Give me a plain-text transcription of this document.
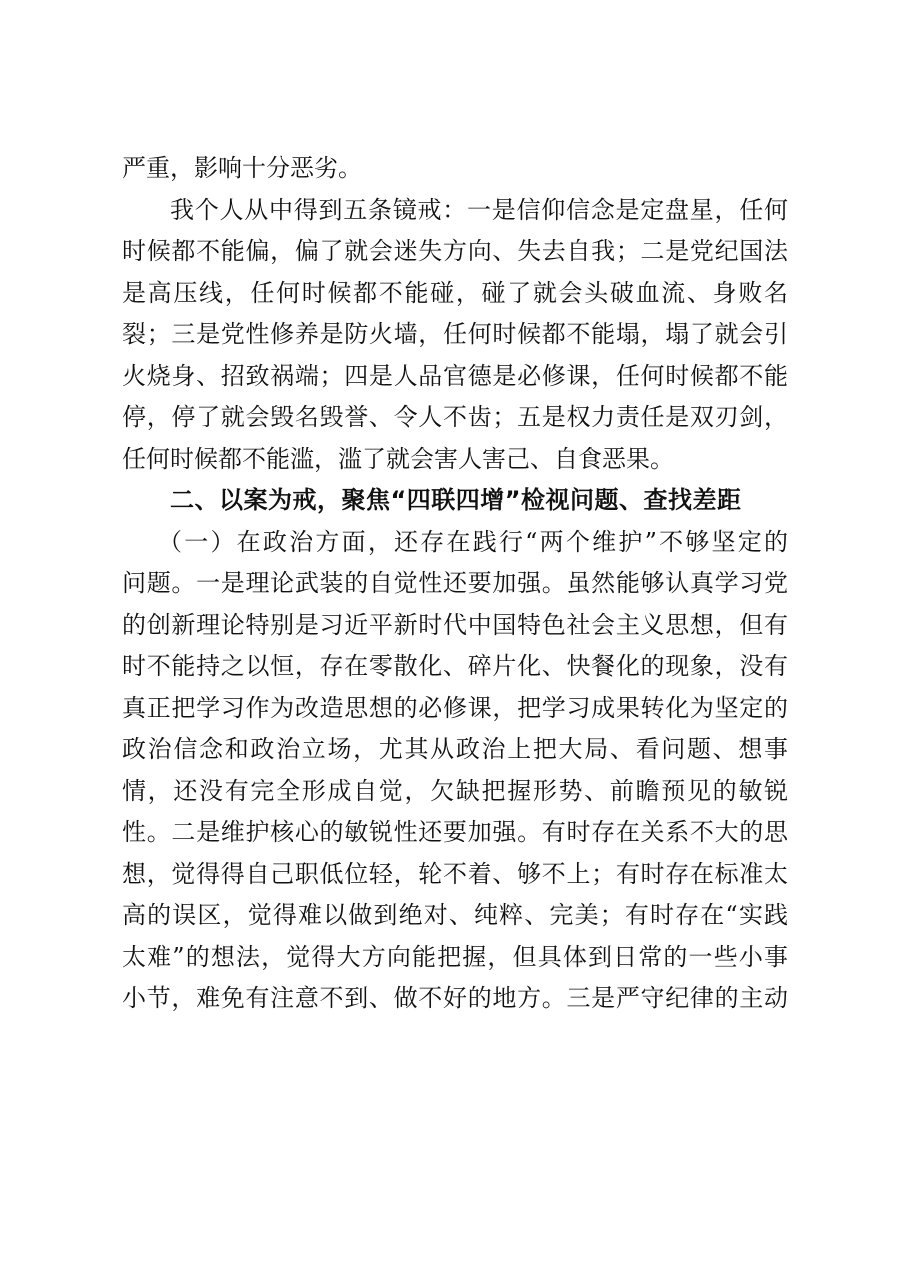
严重，影响十分恶劣。
我个人从中得到五条镜戒：一是信仰信念是定盘星，任何
时候都不能偏，偏了就会迷失方向、失去自我；二是党纪国法
是高压线，任何时候都不能碰，碰了就会头破血流、身败名
裂；三是党性修养是防火墙，任何时候都不能塌，塌了就会引
火烧身、招致祸端；四是人品官德是必修课，任何时候都不能
停，停了就会毁名毁誉、令人不齿；五是权力责任是双刃剑，
任何时候都不能滥，滥了就会害人害己、自食恶果。
二、以案为戒，聚焦“四联四增”检视问题、查找差距
（一）在政治方面，还存在践行“两个维护”不够坚定的
问题。一是理论武装的自觉性还要加强。虽然能够认真学习党
的创新理论特别是习近平新时代中国特色社会主义思想，但有
时不能持之以恒，存在零散化、碎片化、快餐化的现象，没有
真正把学习作为改造思想的必修课，把学习成果转化为坚定的
政治信念和政治立场，尤其从政治上把大局、看问题、想事
情，还没有完全形成自觉，欠缺把握形势、前瞻预见的敏锐
性。二是维护核心的敏锐性还要加强。有时存在关系不大的思
想，觉得得自己职低位轻，轮不着、够不上；有时存在标准太
高的误区，觉得难以做到绝对、纯粹、完美；有时存在“实践
太难”的想法，觉得大方向能把握，但具体到日常的一些小事
小节，难免有注意不到、做不好的地方。三是严守纪律的主动
